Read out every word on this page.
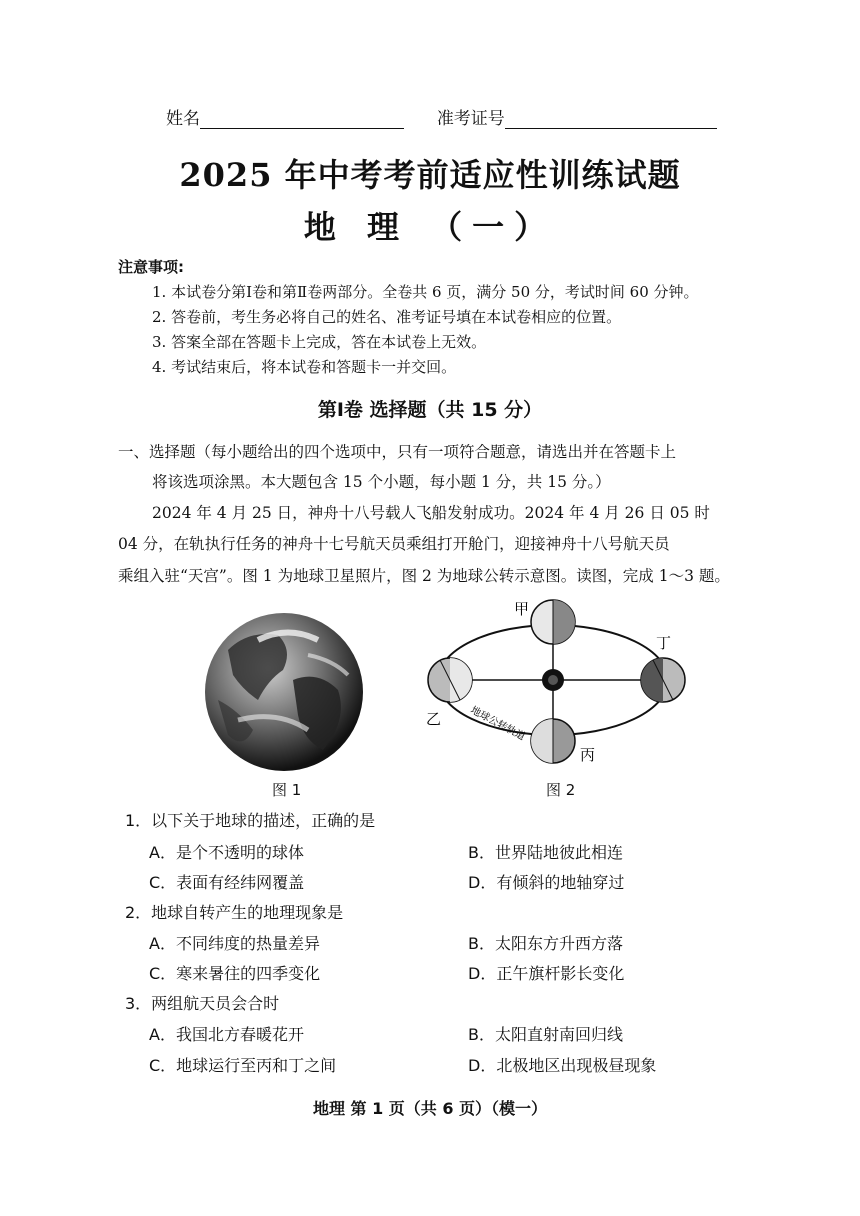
姓名	准考证号
2025 年中考考前适应性训练试题
地 理 （一）
注意事项:
1. 本试卷分第Ⅰ卷和第Ⅱ卷两部分。全卷共 6 页，满分 50 分，考试时间 60 分钟。
2. 答卷前，考生务必将自己的姓名、准考证号填在本试卷相应的位置。
3. 答案全部在答题卡上完成，答在本试卷上无效。
4. 考试结束后，将本试卷和答题卡一并交回。
第Ⅰ卷 选择题（共 15 分）
一、选择题（每小题给出的四个选项中，只有一项符合题意，请选出并在答题卡上
将该选项涂黑。本大题包含 15 个小题，每小题 1 分，共 15 分。）
2024 年 4 月 25 日，神舟十八号载人飞船发射成功。2024 年 4 月 26 日 05 时
04 分，在轨执行任务的神舟十七号航天员乘组打开舱门，迎接神舟十八号航天员
乘组入驻“天宫”。图 1 为地球卫星照片，图 2 为地球公转示意图。读图，完成 1～3 题。
图 1
甲
乙
丙
丁
地球公转轨道
图 2
1．以下关于地球的描述，正确的是
A．是个不透明的球体	B．世界陆地彼此相连
C．表面有经纬网覆盖	D．有倾斜的地轴穿过
2．地球自转产生的地理现象是
A．不同纬度的热量差异	B．太阳东方升西方落
C．寒来暑往的四季变化	D．正午旗杆影长变化
3．两组航天员会合时
A．我国北方春暖花开	B．太阳直射南回归线
C．地球运行至丙和丁之间	D．北极地区出现极昼现象
地理 第 1 页（共 6 页）（模一）
